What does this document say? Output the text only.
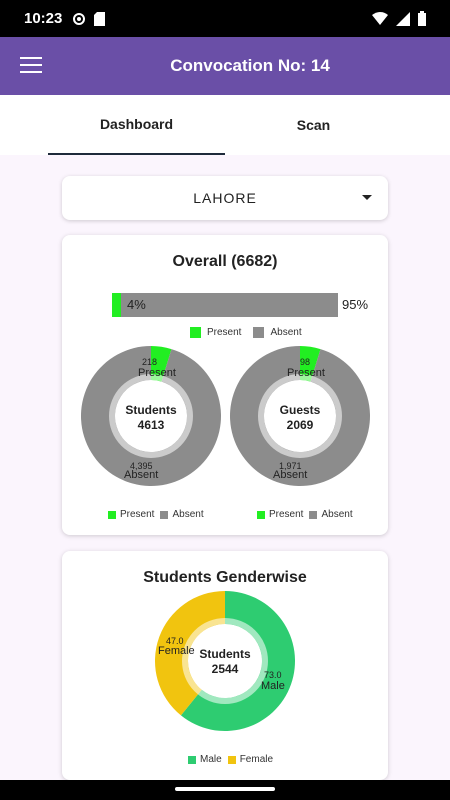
10:23
Convocation No: 14
Dashboard	Scan
LAHORE
Overall (6682)
4%	95%
Present	Absent
218
Present
Students
4613
4,395
Absent
Present Absent
98
Present
Guests
2069
1,971
Absent
Present Absent
Students Genderwise
47.0
Female Students
2544	73.0
Male
Male Female
